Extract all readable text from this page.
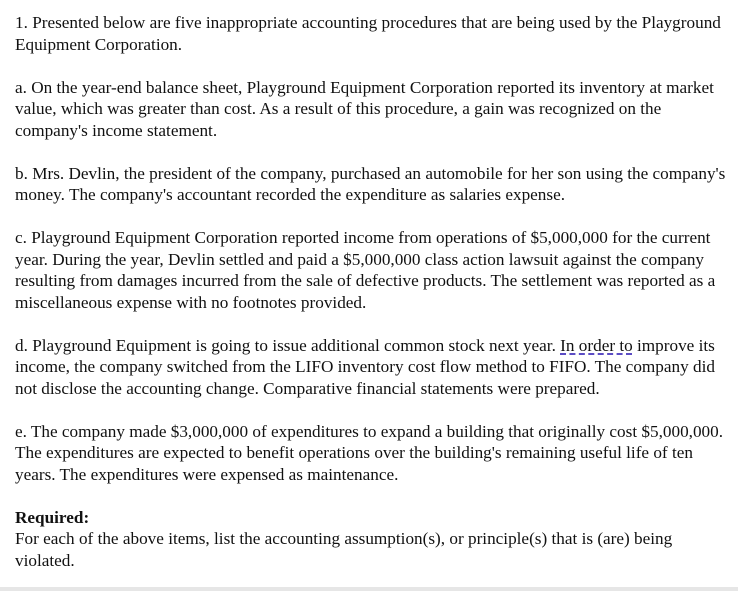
1. Presented below are five inappropriate accounting procedures that are being used by the Playground Equipment Corporation.

a. On the year-end balance sheet, Playground Equipment Corporation reported its inventory at market value, which was greater than cost. As a result of this procedure, a gain was recognized on the company's income statement.

b. Mrs. Devlin, the president of the company, purchased an automobile for her son using the company's money. The company's accountant recorded the expenditure as salaries expense.

c. Playground Equipment Corporation reported income from operations of $5,000,000 for the current year. During the year, Devlin settled and paid a $5,000,000 class action lawsuit against the company resulting from damages incurred from the sale of defective products. The settlement was reported as a miscellaneous expense with no footnotes provided.

d. Playground Equipment is going to issue additional common stock next year. In order to improve its income, the company switched from the LIFO inventory cost flow method to FIFO. The company did not disclose the accounting change. Comparative financial statements were prepared.

e. The company made $3,000,000 of expenditures to expand a building that originally cost $5,000,000. The expenditures are expected to benefit operations over the building's remaining useful life of ten years. The expenditures were expensed as maintenance.

Required:

For each of the above items, list the accounting assumption(s), or principle(s) that is (are) being violated.
